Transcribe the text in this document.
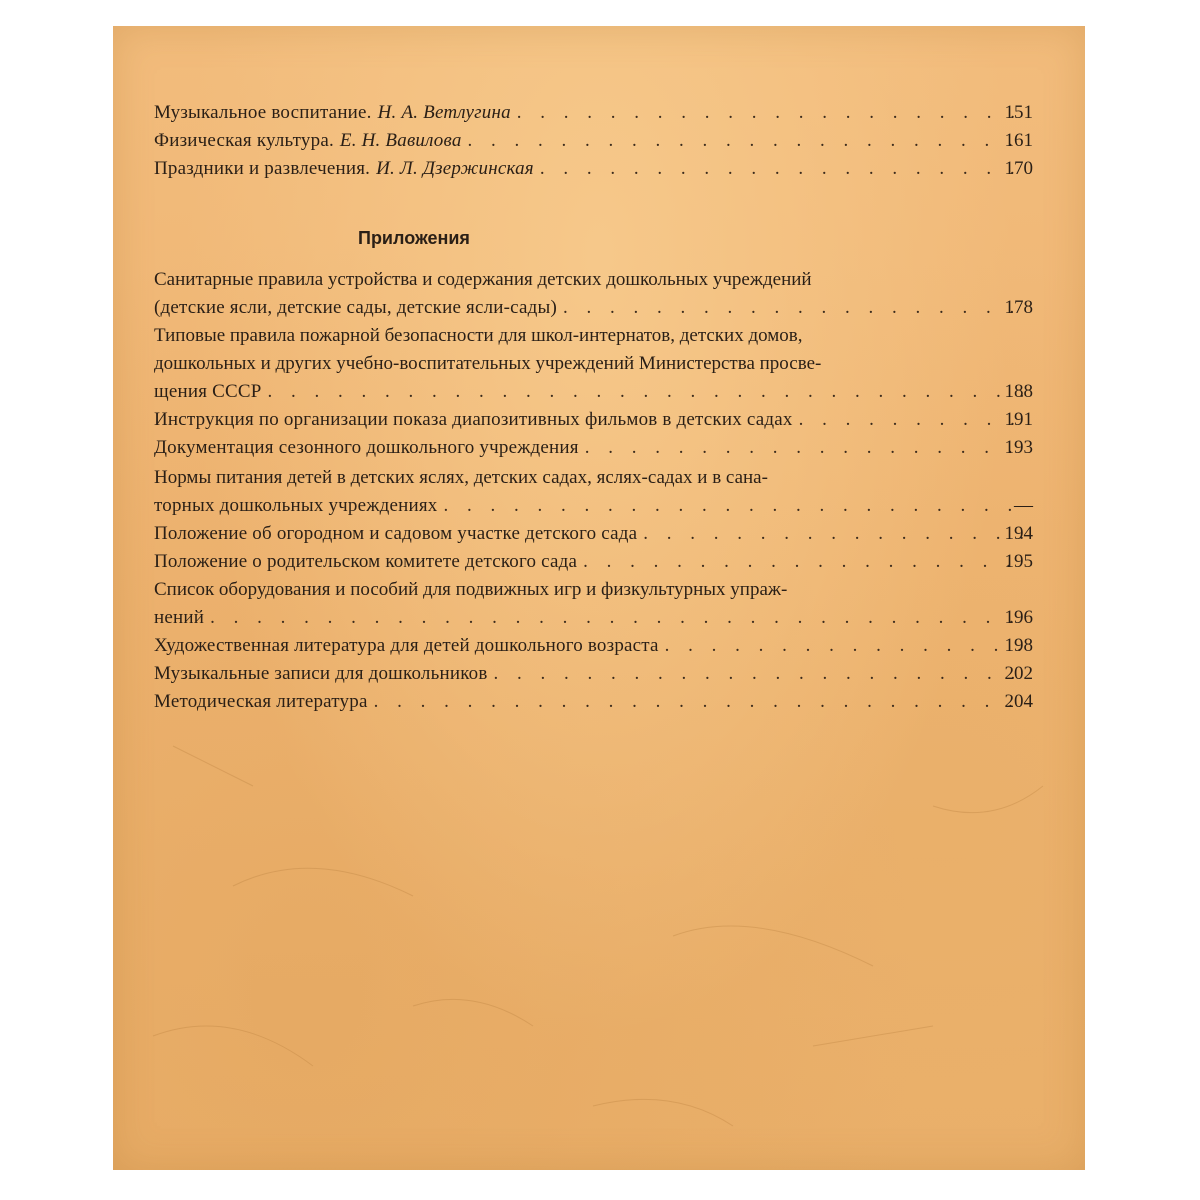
Музыкальное воспитание. Н. А. Ветлугина . . .	151
Физическая культура. Е. Н. Вавилова . . .	161
Праздники и развлечения. И. Л. Дзержинская . . .	170
Приложения
Санитарные правила устройства и содержания детских дошкольных учреждений
(детские ясли, детские сады, детские ясли-сады) . . .	178
Типовые правила пожарной безопасности для школ-интернатов, детских домов,
дошкольных и других учебно-воспитательных учреждений Министерства просве-
щения СССР . . .	188
Инструкция по организации показа диапозитивных фильмов в детских садах . . .	191
Документация сезонного дошкольного учреждения . . .	193
Нормы питания детей в детских яслях, детских садах, яслях-садах и в сана-
торных дошкольных учреждениях . . .	—
Положение об огородном и садовом участке детского сада . . .	194
Положение о родительском комитете детского сада . . .	195
Список оборудования и пособий для подвижных игр и физкультурных упраж-
нений . . .	196
Художественная литература для детей дошкольного возраста . . .	198
Музыкальные записи для дошкольников . . .	202
Методическая литература . . .	204
